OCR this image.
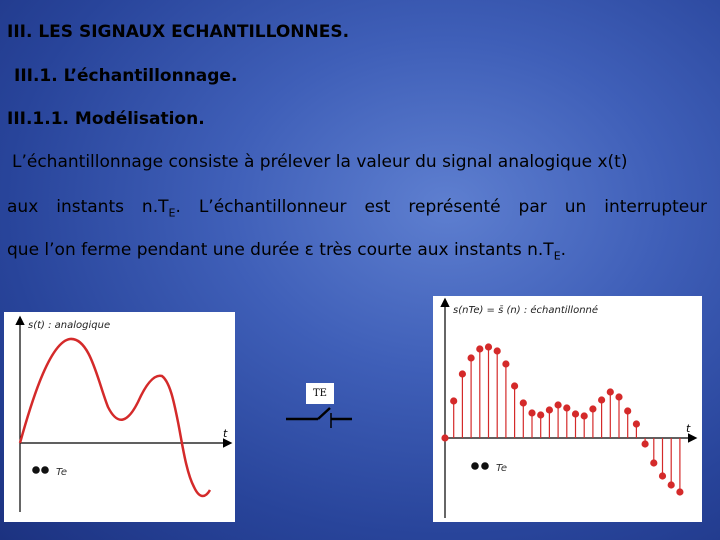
III. LES SIGNAUX ECHANTILLONNES.
III.1. L’échantillonnage.
III.1.1. Modélisation.
L’échantillonnage consiste à prélever la valeur du signal analogique x(t)
aux instants $n.T_E$. L’échantillonneur est représenté par un interrupteur
que l’on ferme pendant une durée ε très courte aux instants $n.T_E$.
s(t) : analogique
t
Te
TE
s(nTe) = s̄ (n) : échantillonné
t
Te
